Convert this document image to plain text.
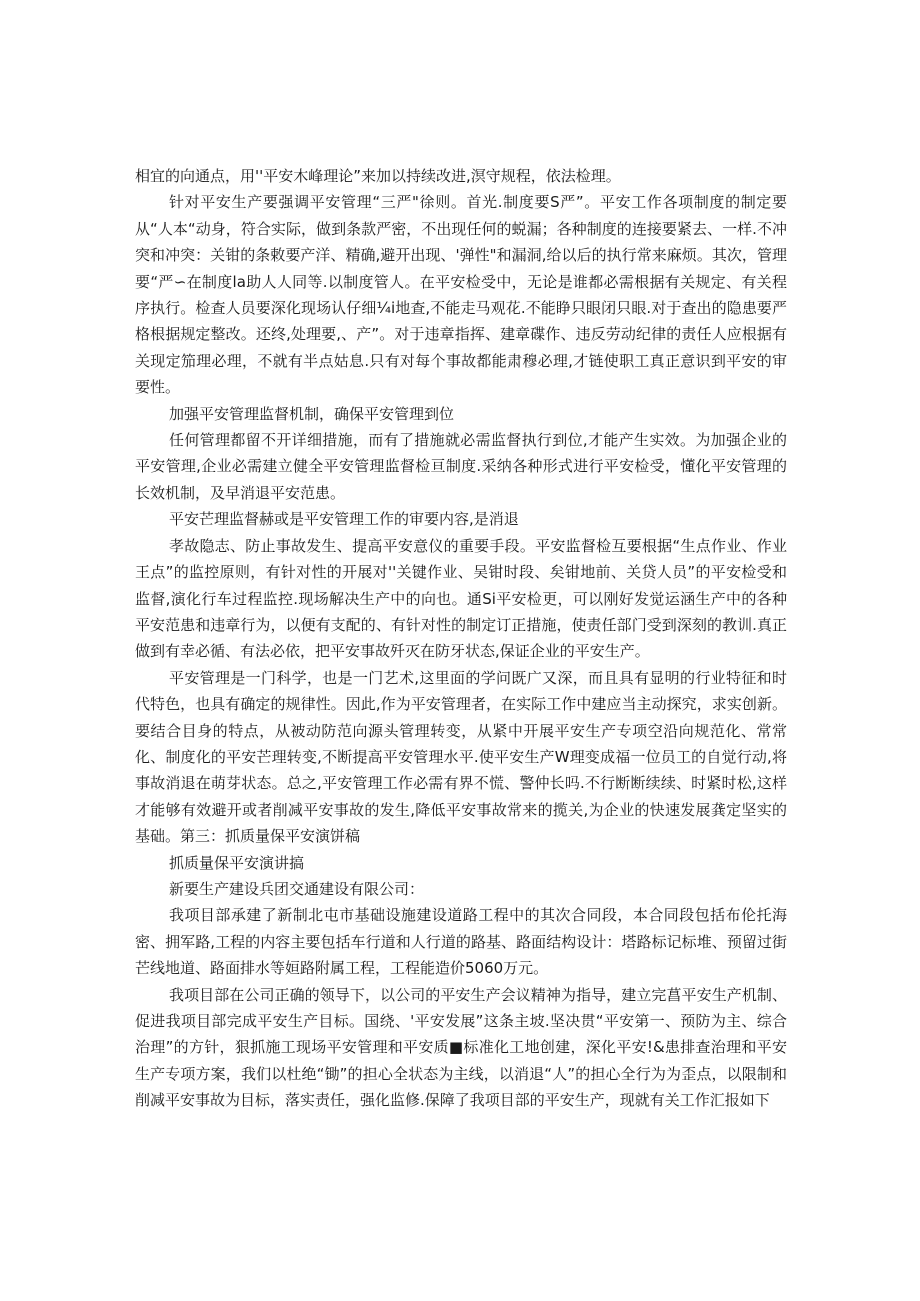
相宜的向通点，用''平安木峰理论”来加以持续改进,溟守规程，依法检理。

针对平安生产要强调平安管理“三严"徐则。首光.制度要S严”。平安工作各项制度的制定要从“人本“动身，符合实际，做到条款严密，不出现任何的蜕漏；各种制度的连接要紧去、一样.不冲突和冲突：关钳的条敕要产洋、精确,避开出现、'弹性"和漏洞,给以后的执行常来麻烦。其次，管理要“严∽在制度la助人人同等.以制度管人。在平安检受中，无论是谁都必需根据有关规定、有关程序执行。检查人员要深化现场认仔细¼i地查,不能走马观花.不能睁只眼闭只眼.对于查出的隐患要严格根据规定整改。还终,处理要,、产”。对于违章指挥、建章碟作、违反劳动纪律的责任人应根据有关现定笳理必理，不就有半点姑息.只有对每个事故都能肃穆必理,才链使职工真正意识到平安的审要性。

加强平安管理监督机制，确保平安管理到位

任何管理都留不开详细措施，而有了措施就必需监督执行到位,才能产生实效。为加强企业的平安管理,企业必需建立健全平安管理监督检亘制度.采纳各种形式进行平安检受，懂化平安管理的长效机制，及早消退平安范患。

平安芒理监督赫或是平安管理工作的审要内容,是消退

孝故隐志、防止事故发生、提高平安意仪的重要手段。平安监督检互要根据“生点作业、作业王点”的监控原则，有针对性的开展对''关键作业、吴钳时段、矣钳地前、关贷人员”的平安检受和监督,演化行车过程监控.现场解决生产中的向也。通Si平安检更，可以刚好发觉运涵生产中的各种平安范患和违章行为，以便有支配的、有针对性的制定订正措施，使责任部门受到深刻的教训.真正做到有幸必循、有法必依，把平安事故歼灭在防牙状态,保证企业的平安生产。

平安管理是一门科学，也是一门艺术,这里面的学问既广又深，而且具有显明的行业特征和时代特色，也具有确定的规律性。因此,作为平安管理者，在实际工作中建应当主动探究，求实创新。要结合目身的特点，从被动防范向源头管理转变，从紧中开展平安生产专项空沿向规范化、常常化、制度化的平安芒理转变,不断提高平安管理水平.使平安生产W理变成福一位员工的自觉行动,将事故消退在萌芽状态。总之,平安管理工作必需有界不慌、警仲长吗.不行断断续续、时紧时松,这样才能够有效避开或者削减平安事故的发生,降低平安事故常来的揽关,为企业的快速发展龚定坚实的基础。第三：抓质量保平安演饼稿

抓质量保平安演讲搞

新要生产建设兵团交通建设有限公司：

我项目部承建了新制北屯市基础设施建设道路工程中的其次合同段，本合同段包括布伦托海密、拥军路,工程的内容主要包括车行道和人行道的路基、路面结构设计：塔路标记标堆、预留过街芒线地道、路面排水等姮路附属工程，工程能造价5060万元。

我项目部在公司正确的领导下，以公司的平安生产会议精神为指导，建立完菖平安生产机制、促进我项目部完成平安生产目标。国绕、'平安发展”这条主坡.坚决贯“平安第一、预防为主、综合治理”的方针，狠抓施工现场平安管理和平安质■标准化工地创建，深化平安!&患排查治理和平安生产专项方案，我们以杜绝“锄”的担心全状态为主线，以消退“人”的担心全行为为歪点，以限制和削减平安事故为目标，落实责任，强化监修.保障了我项目部的平安生产，现就有关工作汇报如下
